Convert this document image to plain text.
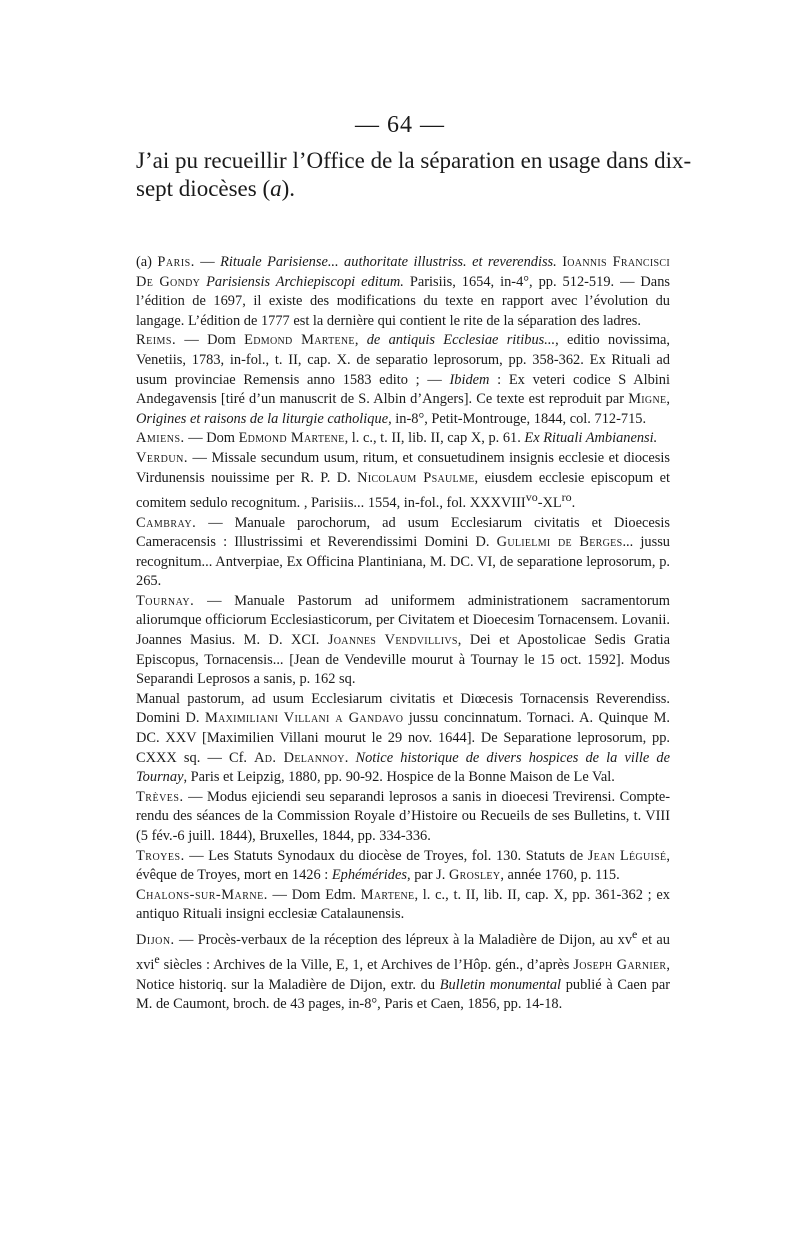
— 64 —
J’ai pu recueillir l’Office de la séparation en usage dans dix-sept diocèses (a).

(a) Paris. — Rituale Parisiense... authoritate illustriss. et reverendiss. Ioannis Francisci De Gondy Parisiensis Archiepiscopi editum. Parisiis, 1654, in-4°, pp. 512-519. — Dans l’édition de 1697, il existe des modifications du texte en rapport avec l’évolution du langage. L’édition de 1777 est la dernière qui contient le rite de la séparation des ladres.

Reims. — Dom Edmond Martene, de antiquis Ecclesiae ritibus..., editio novissima, Venetiis, 1783, in-fol., t. II, cap. X. de separatio leprosorum, pp. 358-362. Ex Rituali ad usum provinciae Remensis anno 1583 edito ; — Ibidem : Ex veteri codice S Albini Andegavensis [tiré d’un manuscrit de S. Albin d’Angers]. Ce texte est reproduit par Migne, Origines et raisons de la liturgie catholique, in-8°, Petit-Montrouge, 1844, col. 712-715.

Amiens. — Dom Edmond Martene, l. c., t. II, lib. II, cap X, p. 61. Ex Rituali Ambianensi.

Verdun. — Missale secundum usum, ritum, et consuetudinem insignis ecclesie et diocesis Virdunensis nouissime per R. P. D. Nicolaum Psaulme, eiusdem ecclesie episcopum et comitem sedulo recognitum. , Parisiis... 1554, in-fol., fol. $XXXVIII^{vo}-XL^{ro}$.

Cambray. — Manuale parochorum, ad usum Ecclesiarum civitatis et Dioecesis Cameracensis : Illustrissimi et Reverendissimi Domini D. Gulielmi de Berges... jussu recognitum... Antverpiae, Ex Officina Plantiniana, M. DC. VI, de separatione leprosorum, p. 265.

Tournay. — Manuale Pastorum ad uniformem administrationem sacramentorum aliorumque officiorum Ecclesiasticorum, per Civitatem et Dioecesim Tornacensem. Lovanii. Joannes Masius. M. D. XCI. Joannes Vendvillivs, Dei et Apostolicae Sedis Gratia Episcopus, Tornacensis... [Jean de Vendeville mourut à Tournay le 15 oct. 1592]. Modus Separandi Leprosos a sanis, p. 162 sq.

Manual pastorum, ad usum Ecclesiarum civitatis et Diœcesis Tornacensis Reverendiss. Domini D. Maximiliani Villani a Gandavo jussu concinnatum. Tornaci. A. Quinque M. DC. XXV [Maximilien Villani mourut le 29 nov. 1644]. De Separatione leprosorum, pp. CXXX sq. — Cf. Ad. Delannoy. Notice historique de divers hospices de la ville de Tournay, Paris et Leipzig, 1880, pp. 90-92. Hospice de la Bonne Maison de Le Val.

Trèves. — Modus ejiciendi seu separandi leprosos a sanis in dioecesi Trevirensi. Compte-rendu des séances de la Commission Royale d’Histoire ou Recueils de ses Bulletins, t. VIII (5 fév.-6 juill. 1844), Bruxelles, 1844, pp. 334-336.

Troyes. — Les Statuts Synodaux du diocèse de Troyes, fol. 130. Statuts de Jean Léguisé, évêque de Troyes, mort en 1426 : Ephémérides, par J. Grosley, année 1760, p. 115.

Chalons-sur-Marne. — Dom Edm. Martene, l. c., t. II, lib. II, cap. X, pp. 361-362 ; ex antiquo Rituali insigni ecclesiæ Catalaunensis.

Dijon. — Procès-verbaux de la réception des lépreux à la Maladière de Dijon, au $xv^e$ et au xvi$^e$ siècles : Archives de la Ville, E, 1, et Archives de l’Hôp. gén., d’après Joseph Garnier, Notice historiq. sur la Maladière de Dijon, extr. du Bulletin monumental publié à Caen par M. de Caumont, broch. de 43 pages, in-8°, Paris et Caen, 1856, pp. 14-18.
